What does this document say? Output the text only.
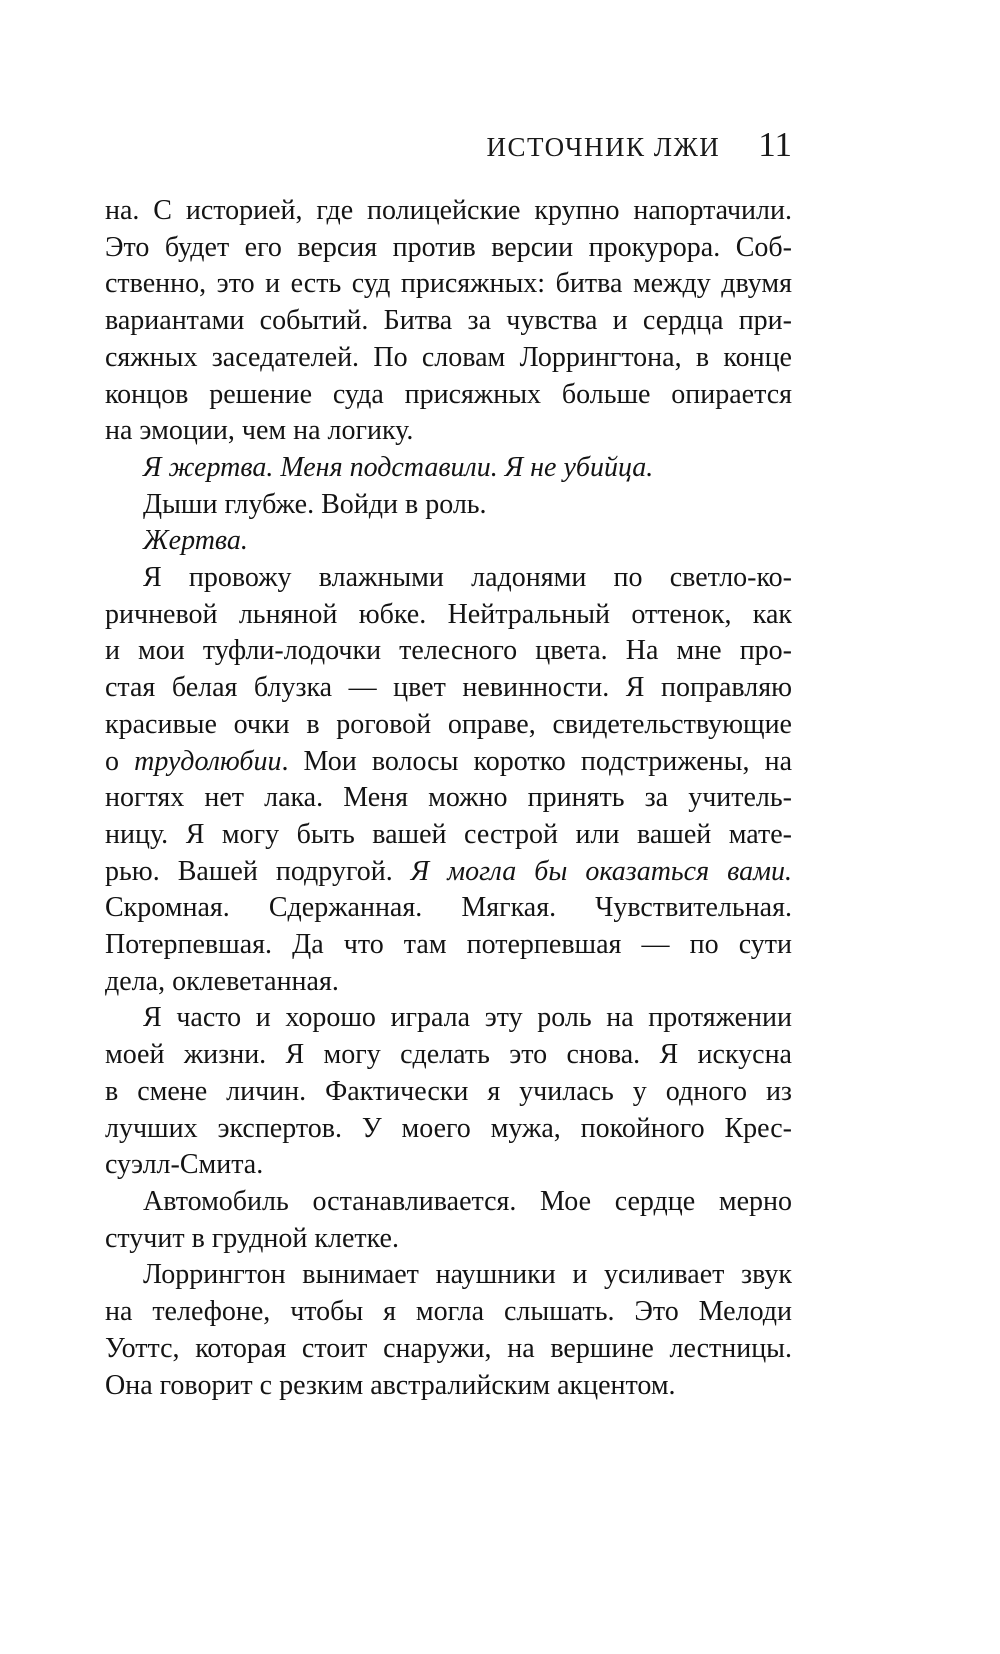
ИСТОЧНИК ЛЖИ 11
на. С историей, где полицейские крупно напортачили.
Это будет его версия против версии прокурора. Соб-
ственно, это и есть суд присяжных: битва между двумя
вариантами событий. Битва за чувства и сердца при-
сяжных заседателей. По словам Лоррингтона, в конце
концов решение суда присяжных больше опирается
на эмоции, чем на логику.
Я жертва. Меня подставили. Я не убийца.
Дыши глубже. Войди в роль.
Жертва.
Я провожу влажными ладонями по светло-ко-
ричневой льняной юбке. Нейтральный оттенок, как
и мои туфли-лодочки телесного цвета. На мне про-
стая белая блузка — цвет невинности. Я поправляю
красивые очки в роговой оправе, свидетельствующие
о трудолюбии. Мои волосы коротко подстрижены, на
ногтях нет лака. Меня можно принять за учитель-
ницу. Я могу быть вашей сестрой или вашей мате-
рью. Вашей подругой. Я могла бы оказаться вами.
Скромная. Сдержанная. Мягкая. Чувствительная.
Потерпевшая. Да что там потерпевшая — по сути
дела, оклеветанная.
Я часто и хорошо играла эту роль на протяжении
моей жизни. Я могу сделать это снова. Я искусна
в смене личин. Фактически я училась у одного из
лучших экспертов. У моего мужа, покойного Крес-
суэлл-Смита.
Автомобиль останавливается. Мое сердце мерно
стучит в грудной клетке.
Лоррингтон вынимает наушники и усиливает звук
на телефоне, чтобы я могла слышать. Это Мелоди
Уоттс, которая стоит снаружи, на вершине лестницы.
Она говорит с резким австралийским акцентом.
